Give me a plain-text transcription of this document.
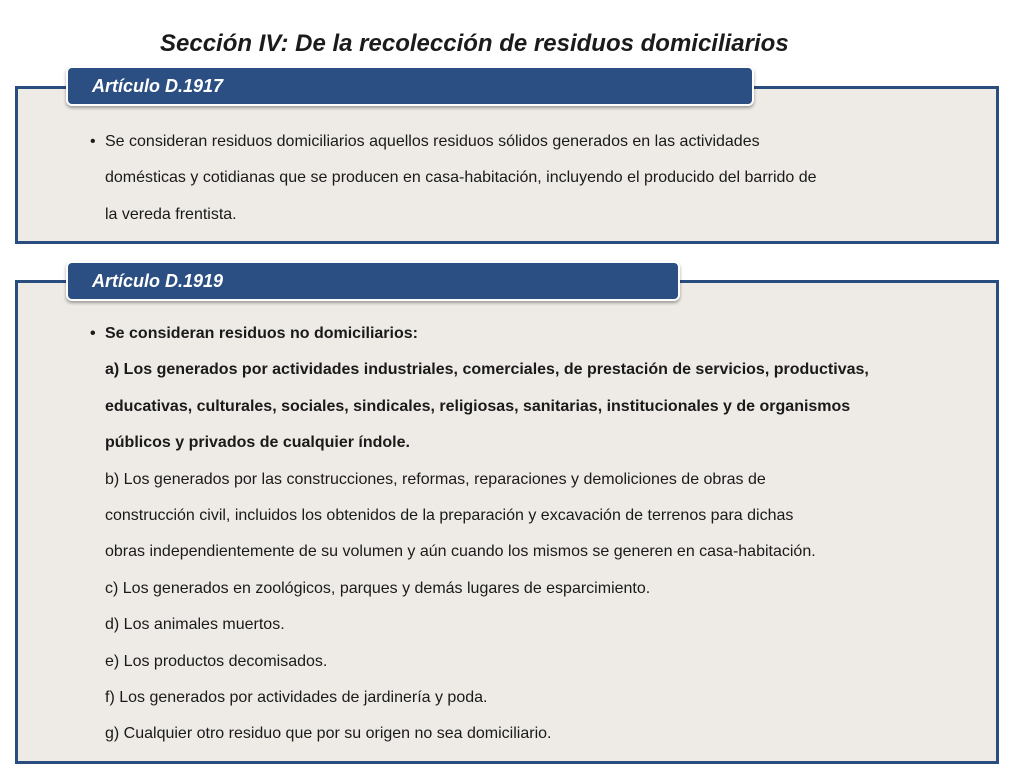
Sección IV: De la recolección de residuos domiciliarios
Artículo D.1917
• Se consideran residuos domiciliarios aquellos residuos sólidos generados en las actividades
domésticas y cotidianas que se producen en casa-habitación, incluyendo el producido del barrido de
la vereda frentista.
Artículo D.1919
• Se consideran residuos no domiciliarios:
a) Los generados por actividades industriales, comerciales, de prestación de servicios, productivas,
educativas, culturales, sociales, sindicales, religiosas, sanitarias, institucionales y de organismos
públicos y privados de cualquier índole.
b) Los generados por las construcciones, reformas, reparaciones y demoliciones de obras de
construcción civil, incluidos los obtenidos de la preparación y excavación de terrenos para dichas
obras independientemente de su volumen y aún cuando los mismos se generen en casa-habitación.
c) Los generados en zoológicos, parques y demás lugares de esparcimiento.
d) Los animales muertos.
e) Los productos decomisados.
f) Los generados por actividades de jardinería y poda.
g) Cualquier otro residuo que por su origen no sea domiciliario.
